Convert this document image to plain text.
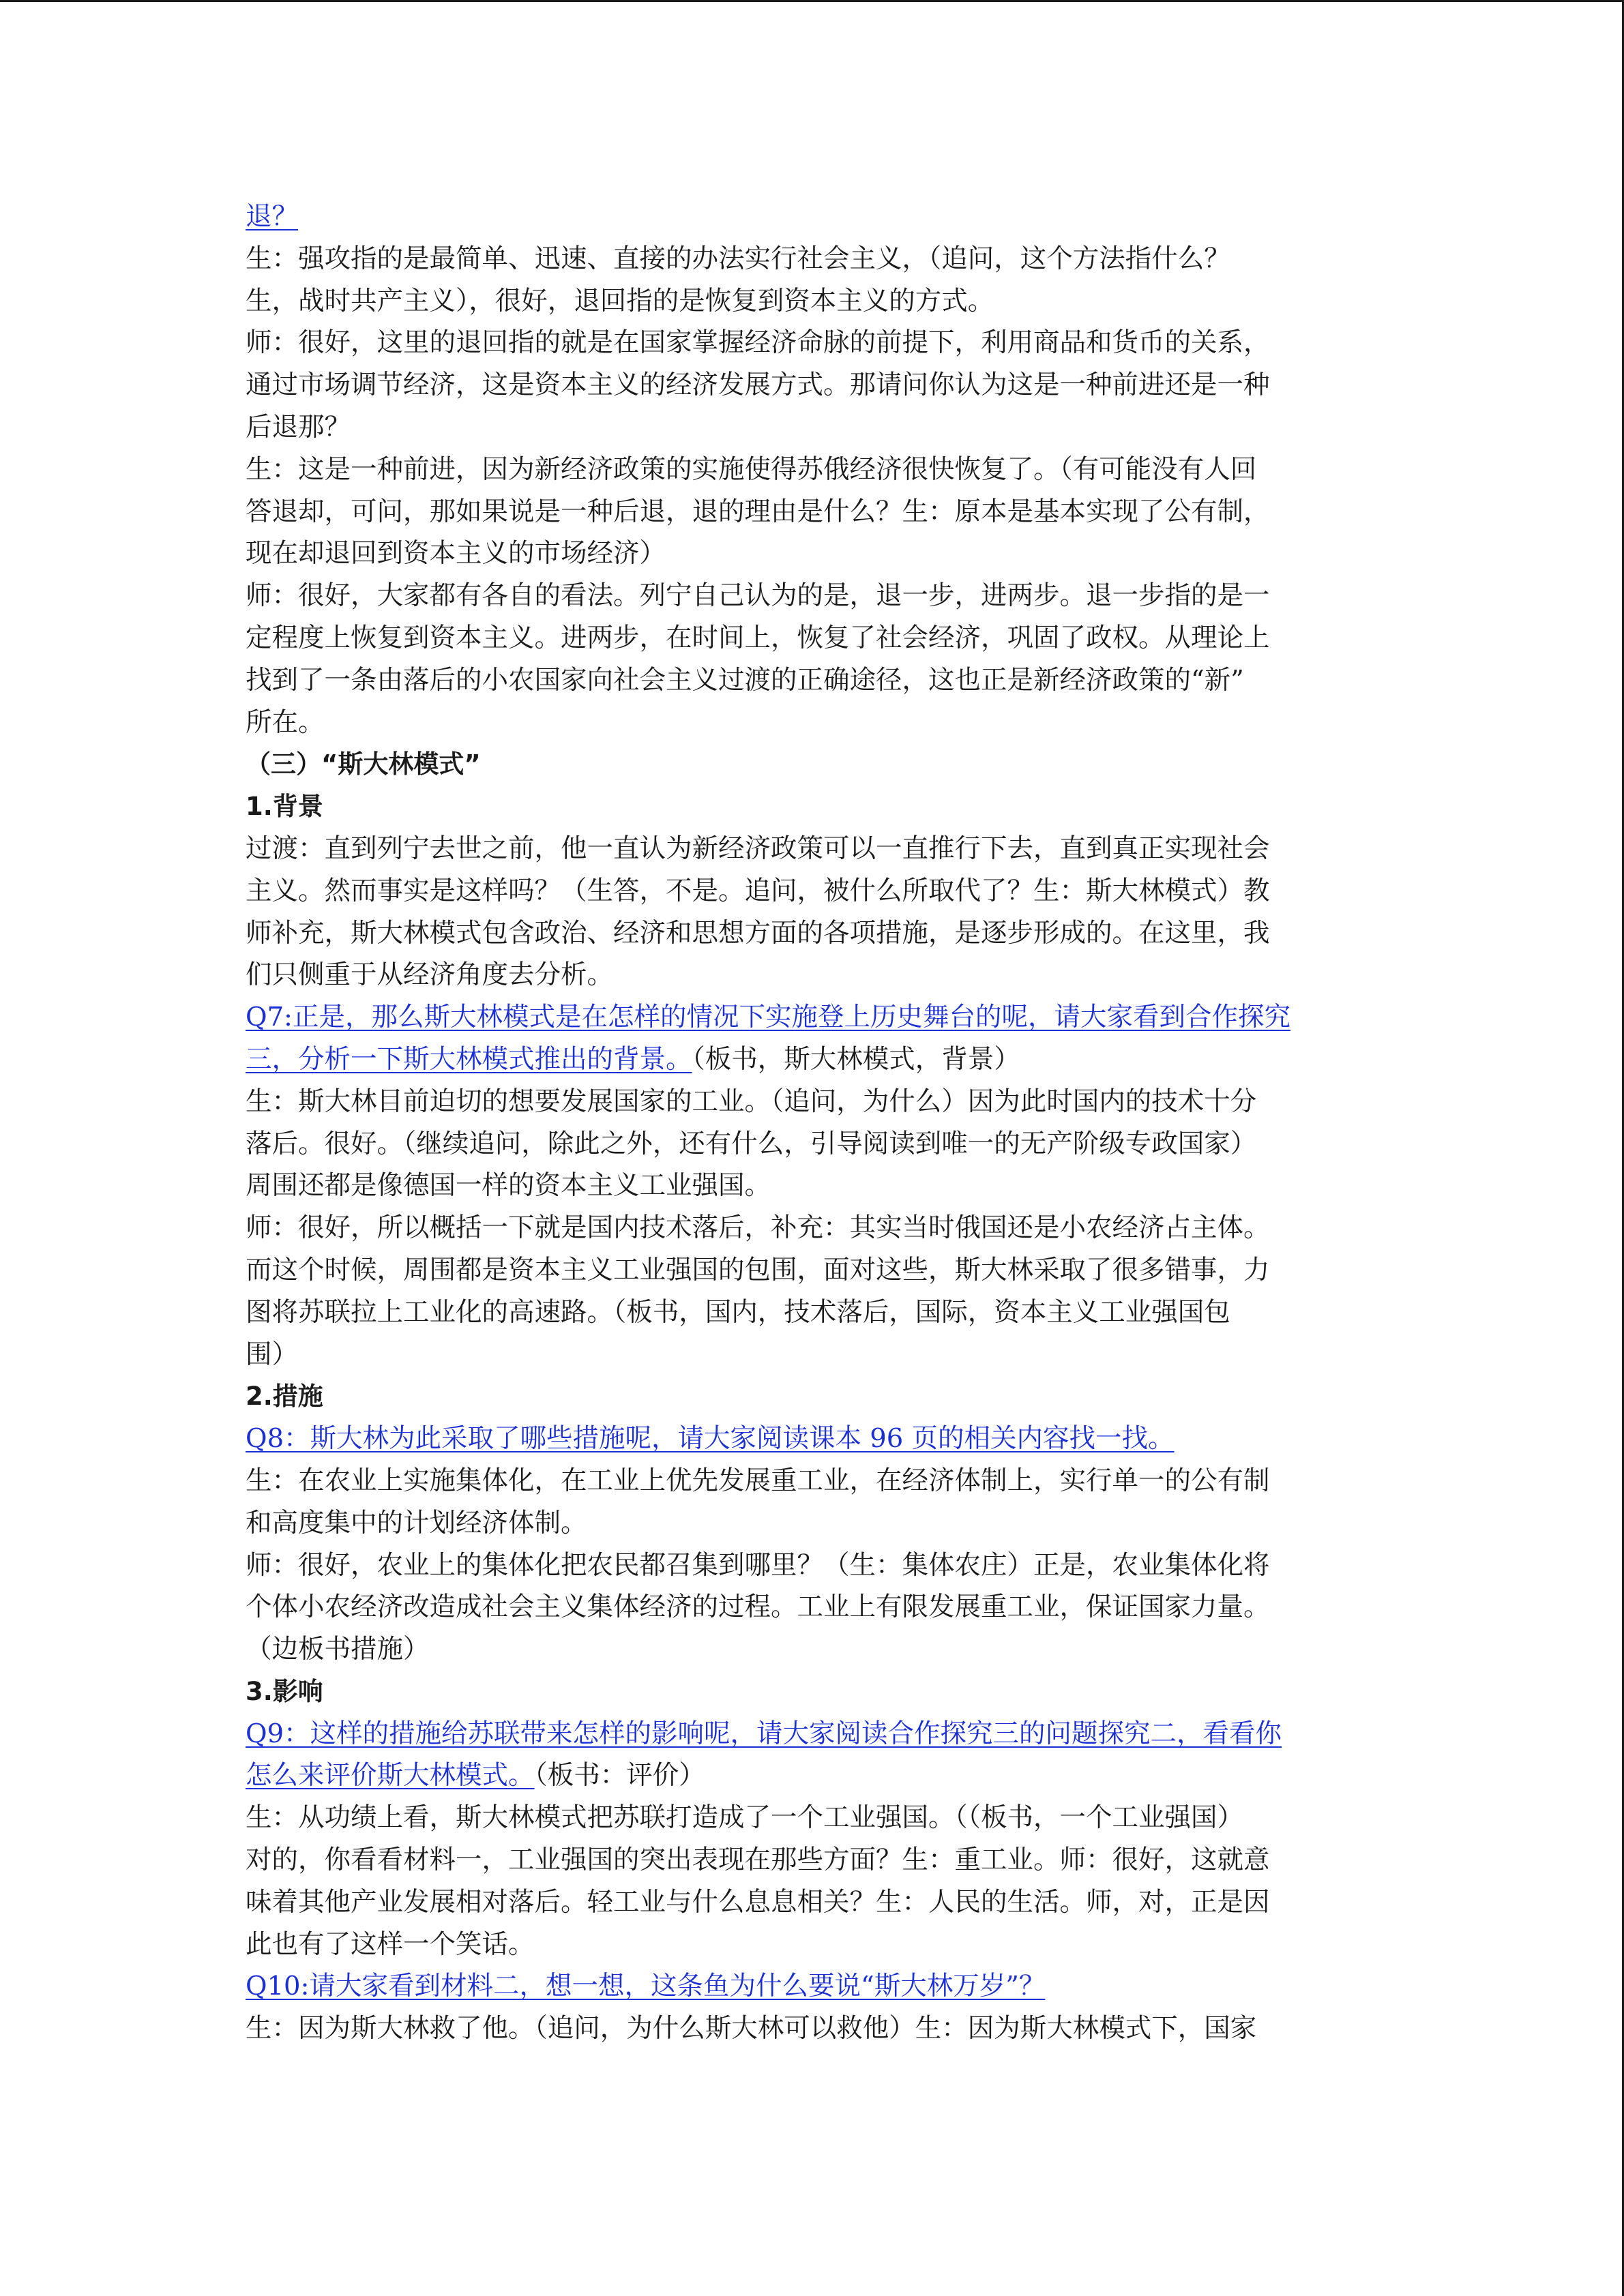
退？
生：强攻指的是最简单、迅速、直接的办法实行社会主义，（追问，这个方法指什么？
生，战时共产主义），很好，退回指的是恢复到资本主义的方式。
师：很好，这里的退回指的就是在国家掌握经济命脉的前提下，利用商品和货币的关系，
通过市场调节经济，这是资本主义的经济发展方式。那请问你认为这是一种前进还是一种
后退那？
生：这是一种前进，因为新经济政策的实施使得苏俄经济很快恢复了。（有可能没有人回
答退却，可问，那如果说是一种后退，退的理由是什么？生：原本是基本实现了公有制，
现在却退回到资本主义的市场经济）
师：很好，大家都有各自的看法。列宁自己认为的是，退一步，进两步。退一步指的是一
定程度上恢复到资本主义。进两步，在时间上，恢复了社会经济，巩固了政权。从理论上
找到了一条由落后的小农国家向社会主义过渡的正确途径，这也正是新经济政策的“新”
所在。
（三）“斯大林模式”
1.背景
过渡：直到列宁去世之前，他一直认为新经济政策可以一直推行下去，直到真正实现社会
主义。然而事实是这样吗？（生答，不是。追问，被什么所取代了？生：斯大林模式）教
师补充，斯大林模式包含政治、经济和思想方面的各项措施，是逐步形成的。在这里，我
们只侧重于从经济角度去分析。
Q7:正是，那么斯大林模式是在怎样的情况下实施登上历史舞台的呢，请大家看到合作探究
三，分析一下斯大林模式推出的背景。（板书，斯大林模式，背景）
生：斯大林目前迫切的想要发展国家的工业。（追问，为什么）因为此时国内的技术十分
落后。很好。（继续追问，除此之外，还有什么，引导阅读到唯一的无产阶级专政国家）
周围还都是像德国一样的资本主义工业强国。
师：很好，所以概括一下就是国内技术落后，补充：其实当时俄国还是小农经济占主体。
而这个时候，周围都是资本主义工业强国的包围，面对这些，斯大林采取了很多错事，力
图将苏联拉上工业化的高速路。（板书，国内，技术落后，国际，资本主义工业强国包
围）
2.措施
Q8：斯大林为此采取了哪些措施呢，请大家阅读课本 96 页的相关内容找一找。
生：在农业上实施集体化，在工业上优先发展重工业，在经济体制上，实行单一的公有制
和高度集中的计划经济体制。
师：很好，农业上的集体化把农民都召集到哪里？（生：集体农庄）正是，农业集体化将
个体小农经济改造成社会主义集体经济的过程。工业上有限发展重工业，保证国家力量。
（边板书措施）
3.影响
Q9：这样的措施给苏联带来怎样的影响呢，请大家阅读合作探究三的问题探究二，看看你
怎么来评价斯大林模式。（板书：评价）
生：从功绩上看，斯大林模式把苏联打造成了一个工业强国。（（板书，一个工业强国）
对的，你看看材料一，工业强国的突出表现在那些方面？生：重工业。师：很好，这就意
味着其他产业发展相对落后。轻工业与什么息息相关？生：人民的生活。师，对，正是因
此也有了这样一个笑话。
Q10:请大家看到材料二，想一想，这条鱼为什么要说“斯大林万岁”？
生：因为斯大林救了他。（追问，为什么斯大林可以救他）生：因为斯大林模式下，国家
